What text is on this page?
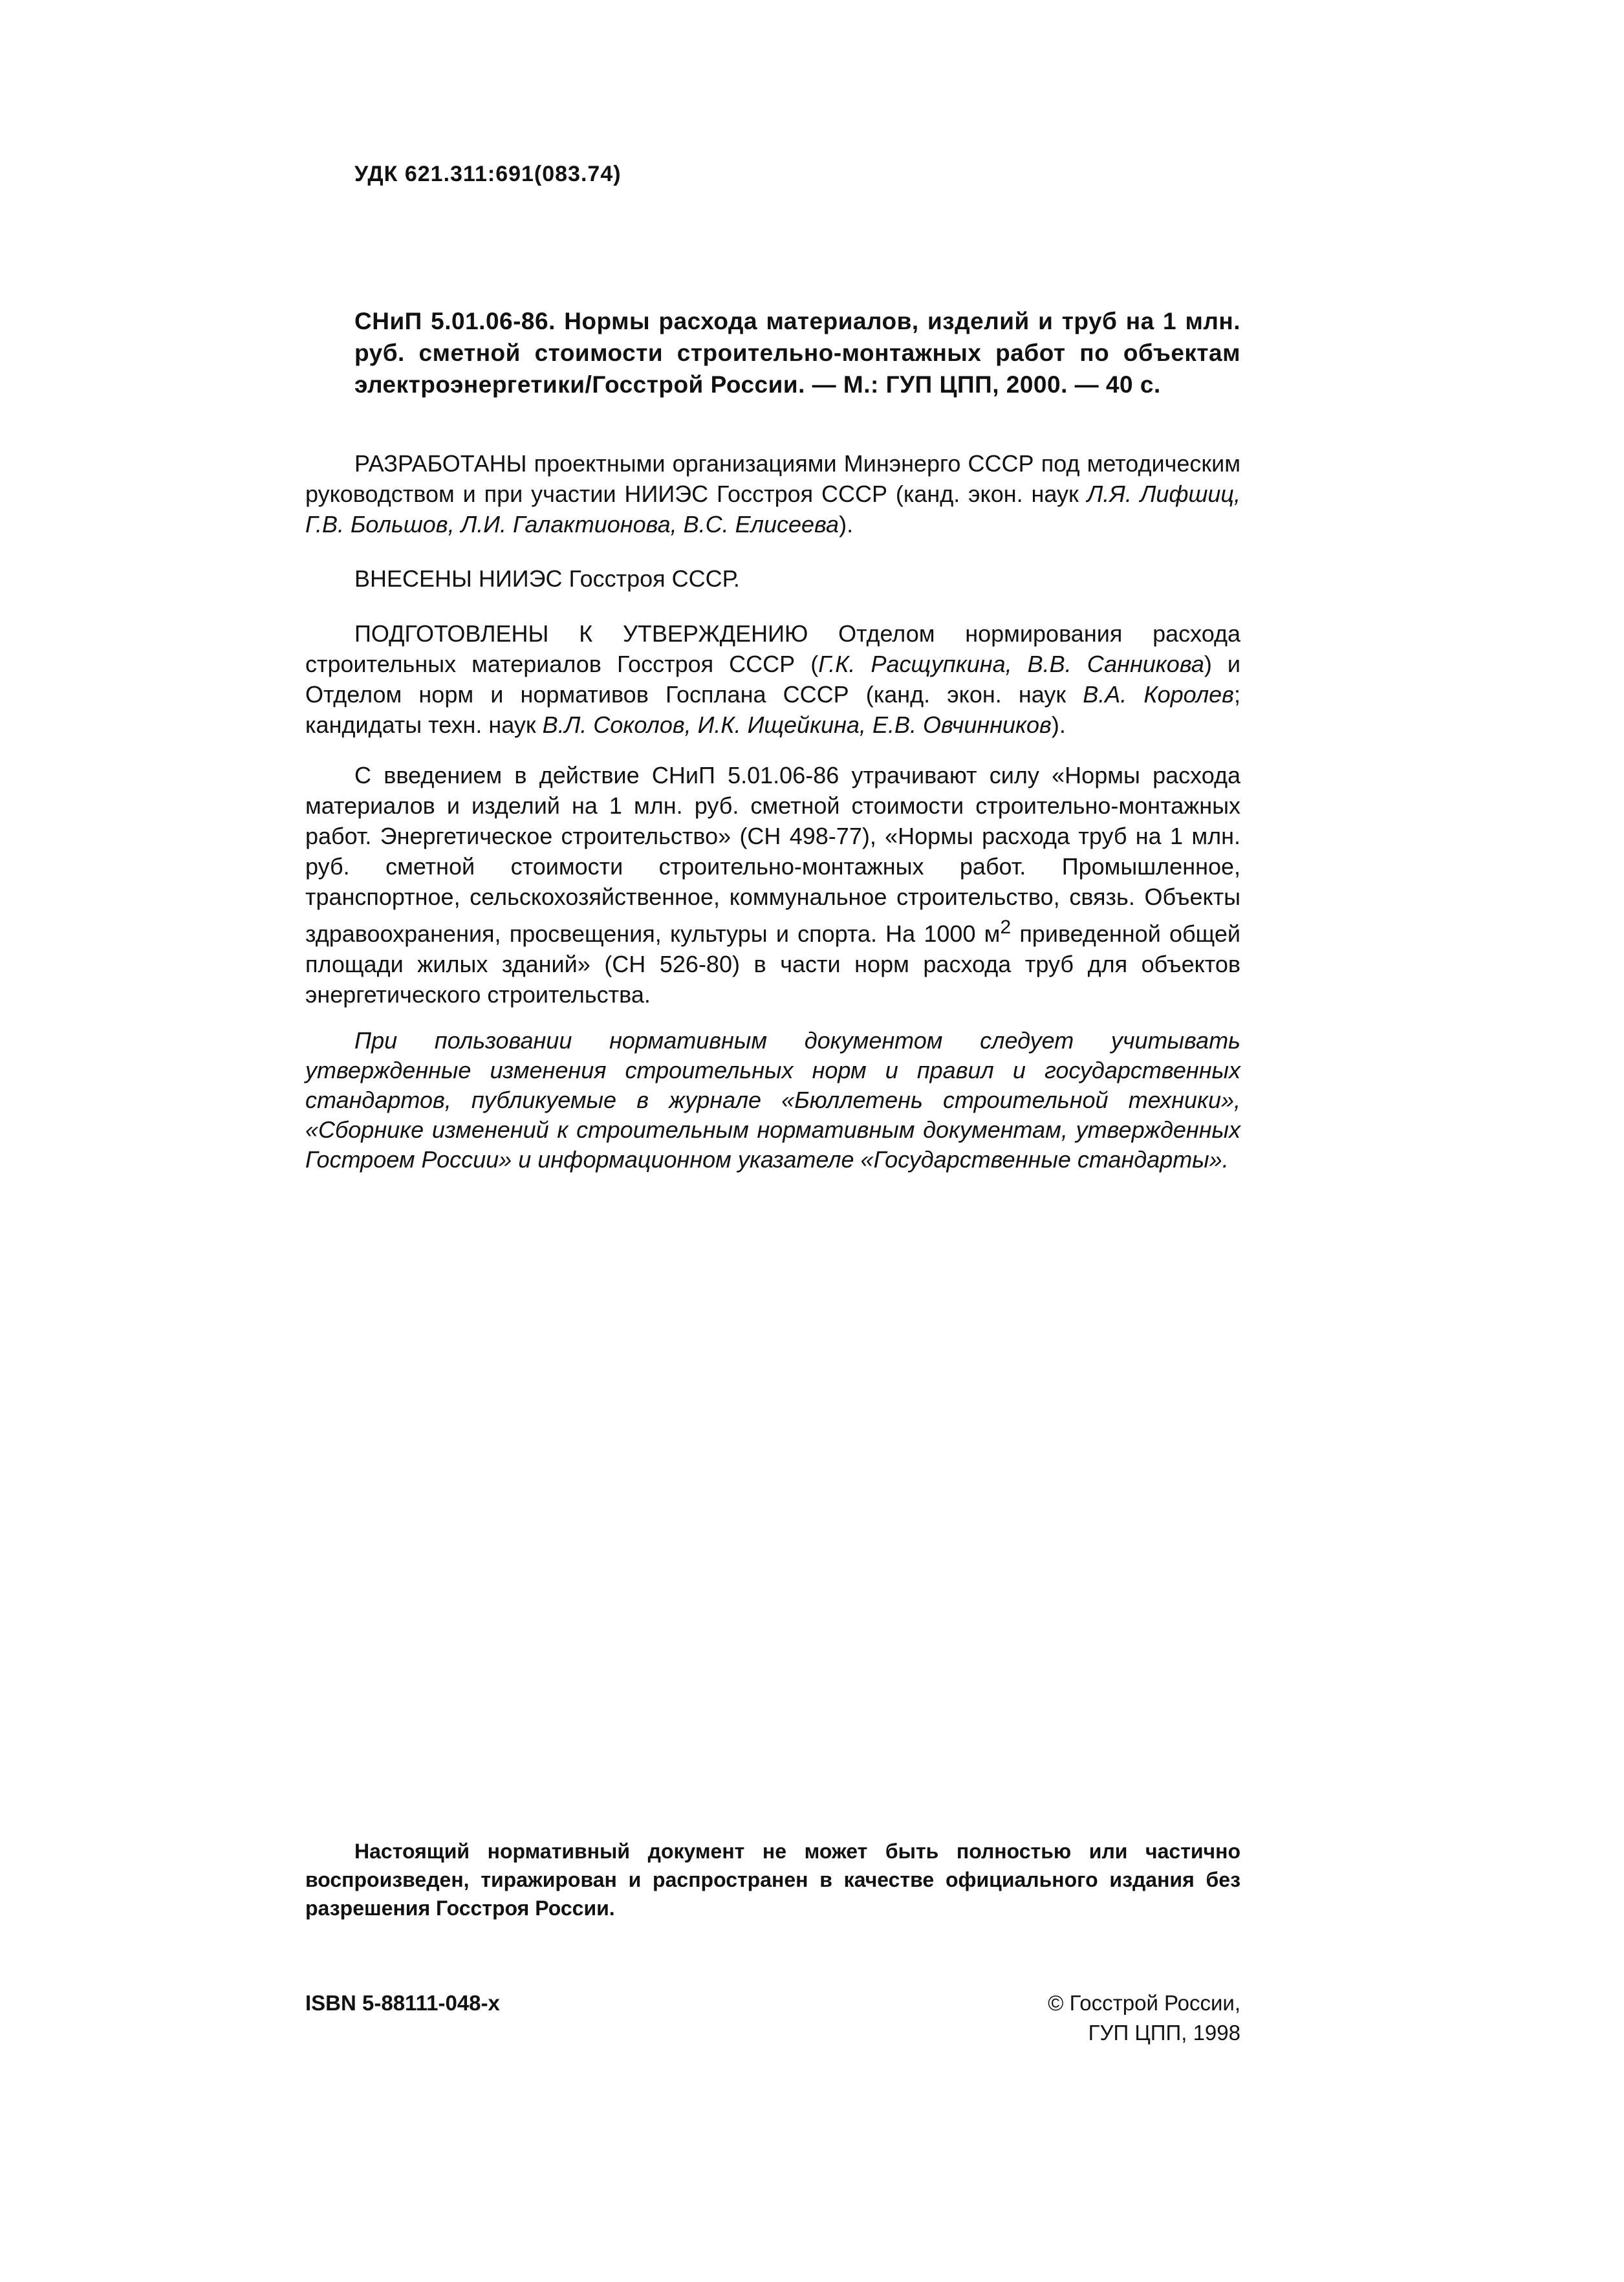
УДК 621.311:691(083.74)
СНиП 5.01.06-86. Нормы расхода материалов, изделий и труб на 1 млн. руб. сметной стоимости строительно-монтажных работ по объектам электроэнергетики/Госстрой России. — М.: ГУП ЦПП, 2000. — 40 с.

РАЗРАБОТАНЫ проектными организациями Минэнерго СССР под методическим руководством и при участии НИИЭС Госстроя СССР (канд. экон. наук Л.Я. Лифшиц, Г.В. Большов, Л.И. Галактионова, В.С. Елисеева).

ВНЕСЕНЫ НИИЭС Госстроя СССР.

ПОДГОТОВЛЕНЫ К УТВЕРЖДЕНИЮ Отделом нормирования расхода строительных материалов Госстроя СССР (Г.К. Расщупкина, В.В. Санникова) и Отделом норм и нормативов Госплана СССР (канд. экон. наук В.А. Королев; кандидаты техн. наук В.Л. Соколов, И.К. Ищейкина, Е.В. Овчинников).

С введением в действие СНиП 5.01.06-86 утрачивают силу «Нормы расхода материалов и изделий на 1 млн. руб. сметной стоимости строительно-монтажных работ. Энергетическое строительство» (СН 498-77), «Нормы расхода труб на 1 млн. руб. сметной стоимости строительно-монтажных работ. Промышленное, транспортное, сельскохозяйственное, коммунальное строительство, связь. Объекты здравоохранения, просвещения, культуры и спорта. На 1000 $м^2$ приведенной общей площади жилых зданий» (СН 526-80) в части норм расхода труб для объектов энергетического строительства.

При пользовании нормативным документом следует учитывать утвержденные изменения строительных норм и правил и государственных стандартов, публикуемые в журнале «Бюллетень строительной техники», «Сборнике изменений к строительным нормативным документам, утвержденных Гостроем России» и информационном указателе «Государственные стандарты».

Настоящий нормативный документ не может быть полностью или частично воспроизведен, тиражирован и распространен в качестве официального издания без разрешения Госстроя России.

ISBN 5-88111-048-х	© Госстрой России,
ГУП ЦПП, 1998
